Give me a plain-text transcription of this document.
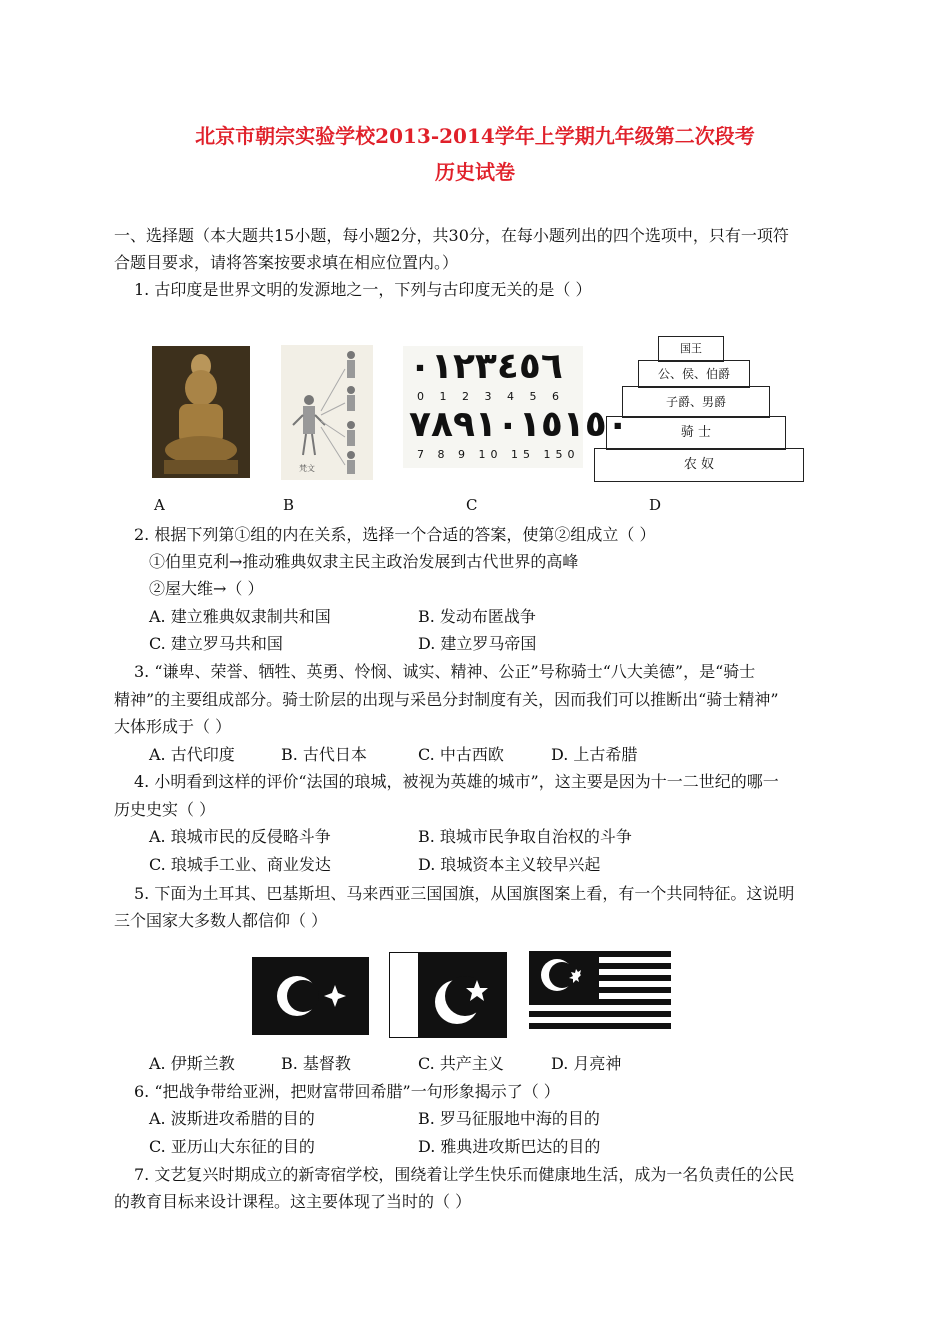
北京市朝宗实验学校2013-2014学年上学期九年级第二次段考
历史试卷
一、选择题（本大题共15小题，每小题2分，共30分，在每小题列出的四个选项中，只有一项符
合题目要求，请将答案按要求填在相应位置内。）
1. 古印度是世界文明的发源地之一，下列与古印度无关的是（ ）
A
梵文
B
٠١٢٣٤٥٦
0 1 2 3 4 5 6
٧٨٩١٠١٥١٥٠
7 8 9 10 15 150
C
国王
公、侯、伯爵
子爵、男爵
骑 士
农 奴
D
2. 根据下列第①组的内在关系，选择一个合适的答案，使第②组成立（ ）
①伯里克利→推动雅典奴隶主民主政治发展到古代世界的高峰
②屋大维→（ ）
A. 建立雅典奴隶制共和国	B. 发动布匿战争
C. 建立罗马共和国	D. 建立罗马帝国
3. “谦卑、荣誉、牺牲、英勇、怜悯、诚实、精神、公正”号称骑士“八大美德”，是“骑士
精神”的主要组成部分。骑士阶层的出现与采邑分封制度有关，因而我们可以推断出“骑士精神”
大体形成于（ ）
A. 古代印度	B. 古代日本	C. 中古西欧	D. 上古希腊
4. 小明看到这样的评价“法国的琅城，被视为英雄的城市”，这主要是因为十一二世纪的哪一
历史史实（ ）
A. 琅城市民的反侵略斗争	B. 琅城市民争取自治权的斗争
C. 琅城手工业、商业发达	D. 琅城资本主义较早兴起
5. 下面为土耳其、巴基斯坦、马来西亚三国国旗，从国旗图案上看，有一个共同特征。这说明
三个国家大多数人都信仰（ ）
A. 伊斯兰教	B. 基督教	C. 共产主义	D. 月亮神
6. “把战争带给亚洲，把财富带回希腊”一句形象揭示了（ ）
A. 波斯进攻希腊的目的	B. 罗马征服地中海的目的
C. 亚历山大东征的目的	D. 雅典进攻斯巴达的目的
7. 文艺复兴时期成立的新寄宿学校，围绕着让学生快乐而健康地生活，成为一名负责任的公民
的教育目标来设计课程。这主要体现了当时的（ ）
